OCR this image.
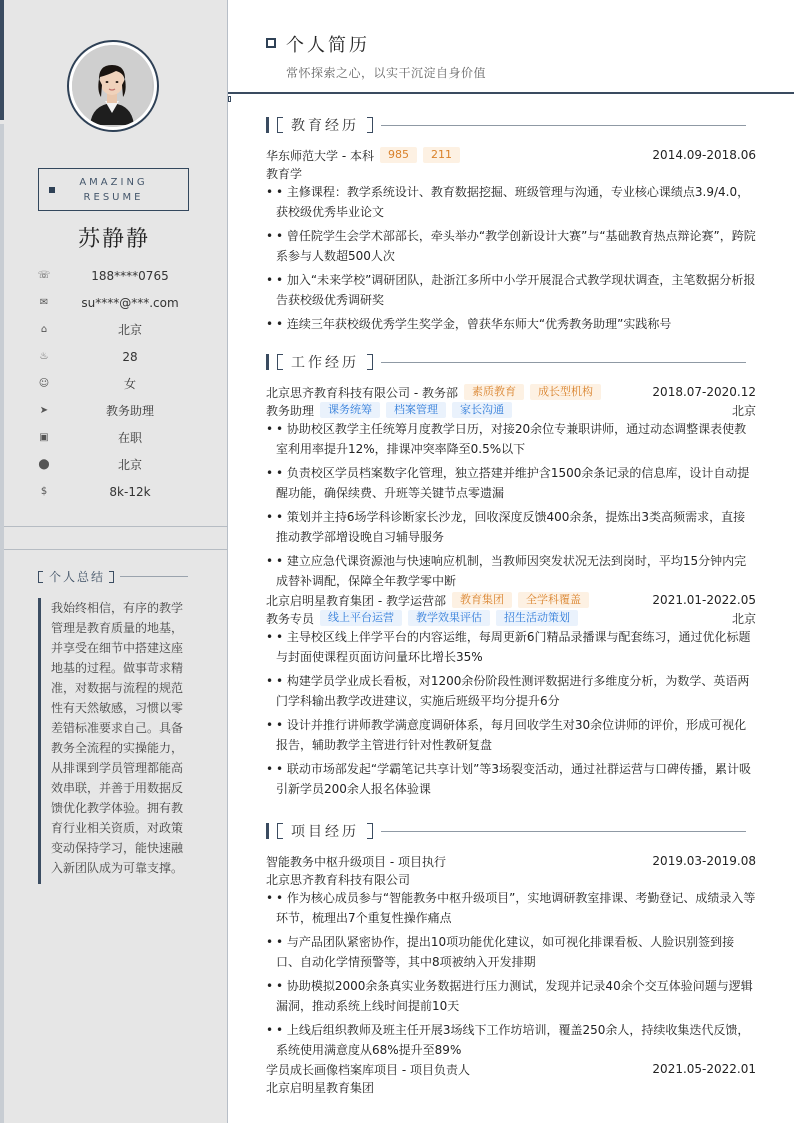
AMAZING
RESUME
苏静静
☏	188****0765
✉	su****@***.com
⌂	北京
♨	28
☺	女
➤	教务助理
▣	在职
⬤	北京
$	8k-12k
个人总结
我始终相信，有序的教学管理是教育质量的地基，并享受在细节中搭建这座地基的过程。做事苛求精准，对数据与流程的规范性有天然敏感，习惯以零差错标准要求自己。具备教务全流程的实操能力，从排课到学员管理都能高效串联，并善于用数据反馈优化教学体验。拥有教育行业相关资质，对政策变动保持学习，能快速融入新团队成为可靠支撑。
个人简历
常怀探索之心，以实干沉淀自身价值
教育经历
华东师范大学 - 本科	985	211	2014.09-2018.06
教育学
• • 主修课程：教学系统设计、教育数据挖掘、班级管理与沟通，专业核心课绩点3.9/4.0，获校级优秀毕业论文
• • 曾任院学生会学术部部长，牵头举办“教学创新设计大赛”与“基础教育热点辩论赛”，跨院系参与人数超500人次
• • 加入“未来学校”调研团队，赴浙江多所中小学开展混合式教学现状调查，主笔数据分析报告获校级优秀调研奖
• • 连续三年获校级优秀学生奖学金，曾获华东师大“优秀教务助理”实践称号
工作经历
北京思齐教育科技有限公司 - 教务部	素质教育	成长型机构	2018.07-2020.12
教务助理	课务统筹	档案管理	家长沟通	北京
• • 协助校区教学主任统筹月度教学日历，对接20余位专兼职讲师，通过动态调整课表使教室利用率提升12%，排课冲突率降至0.5%以下
• • 负责校区学员档案数字化管理，独立搭建并维护含1500余条记录的信息库，设计自动提醒功能，确保续费、升班等关键节点零遗漏
• • 策划并主持6场学科诊断家长沙龙，回收深度反馈400余条，提炼出3类高频需求，直接推动教学部增设晚自习辅导服务
• • 建立应急代课资源池与快速响应机制，当教师因突发状况无法到岗时，平均15分钟内完成替补调配，保障全年教学零中断
北京启明星教育集团 - 教学运营部	教育集团	全学科覆盖	2021.01-2022.05
教务专员	线上平台运营	教学效果评估	招生活动策划	北京
• • 主导校区线上伴学平台的内容运维，每周更新6门精品录播课与配套练习，通过优化标题与封面使课程页面访问量环比增长35%
• • 构建学员学业成长看板，对1200余份阶段性测评数据进行多维度分析，为数学、英语两门学科输出教学改进建议，实施后班级平均分提升6分
• • 设计并推行讲师教学满意度调研体系，每月回收学生对30余位讲师的评价，形成可视化报告，辅助教学主管进行针对性教研复盘
• • 联动市场部发起“学霸笔记共享计划”等3场裂变活动，通过社群运营与口碑传播，累计吸引新学员200余人报名体验课
项目经历
智能教务中枢升级项目 - 项目执行	2019.03-2019.08
北京思齐教育科技有限公司
• • 作为核心成员参与“智能教务中枢升级项目”，实地调研教室排课、考勤登记、成绩录入等环节，梳理出7个重复性操作痛点
• • 与产品团队紧密协作，提出10项功能优化建议，如可视化排课看板、人脸识别签到接口、自动化学情预警等，其中8项被纳入开发排期
• • 协助模拟2000余条真实业务数据进行压力测试，发现并记录40余个交互体验问题与逻辑漏洞，推动系统上线时间提前10天
• • 上线后组织教师及班主任开展3场线下工作坊培训，覆盖250余人，持续收集迭代反馈，系统使用满意度从68%提升至89%
学员成长画像档案库项目 - 项目负责人	2021.05-2022.01
北京启明星教育集团
